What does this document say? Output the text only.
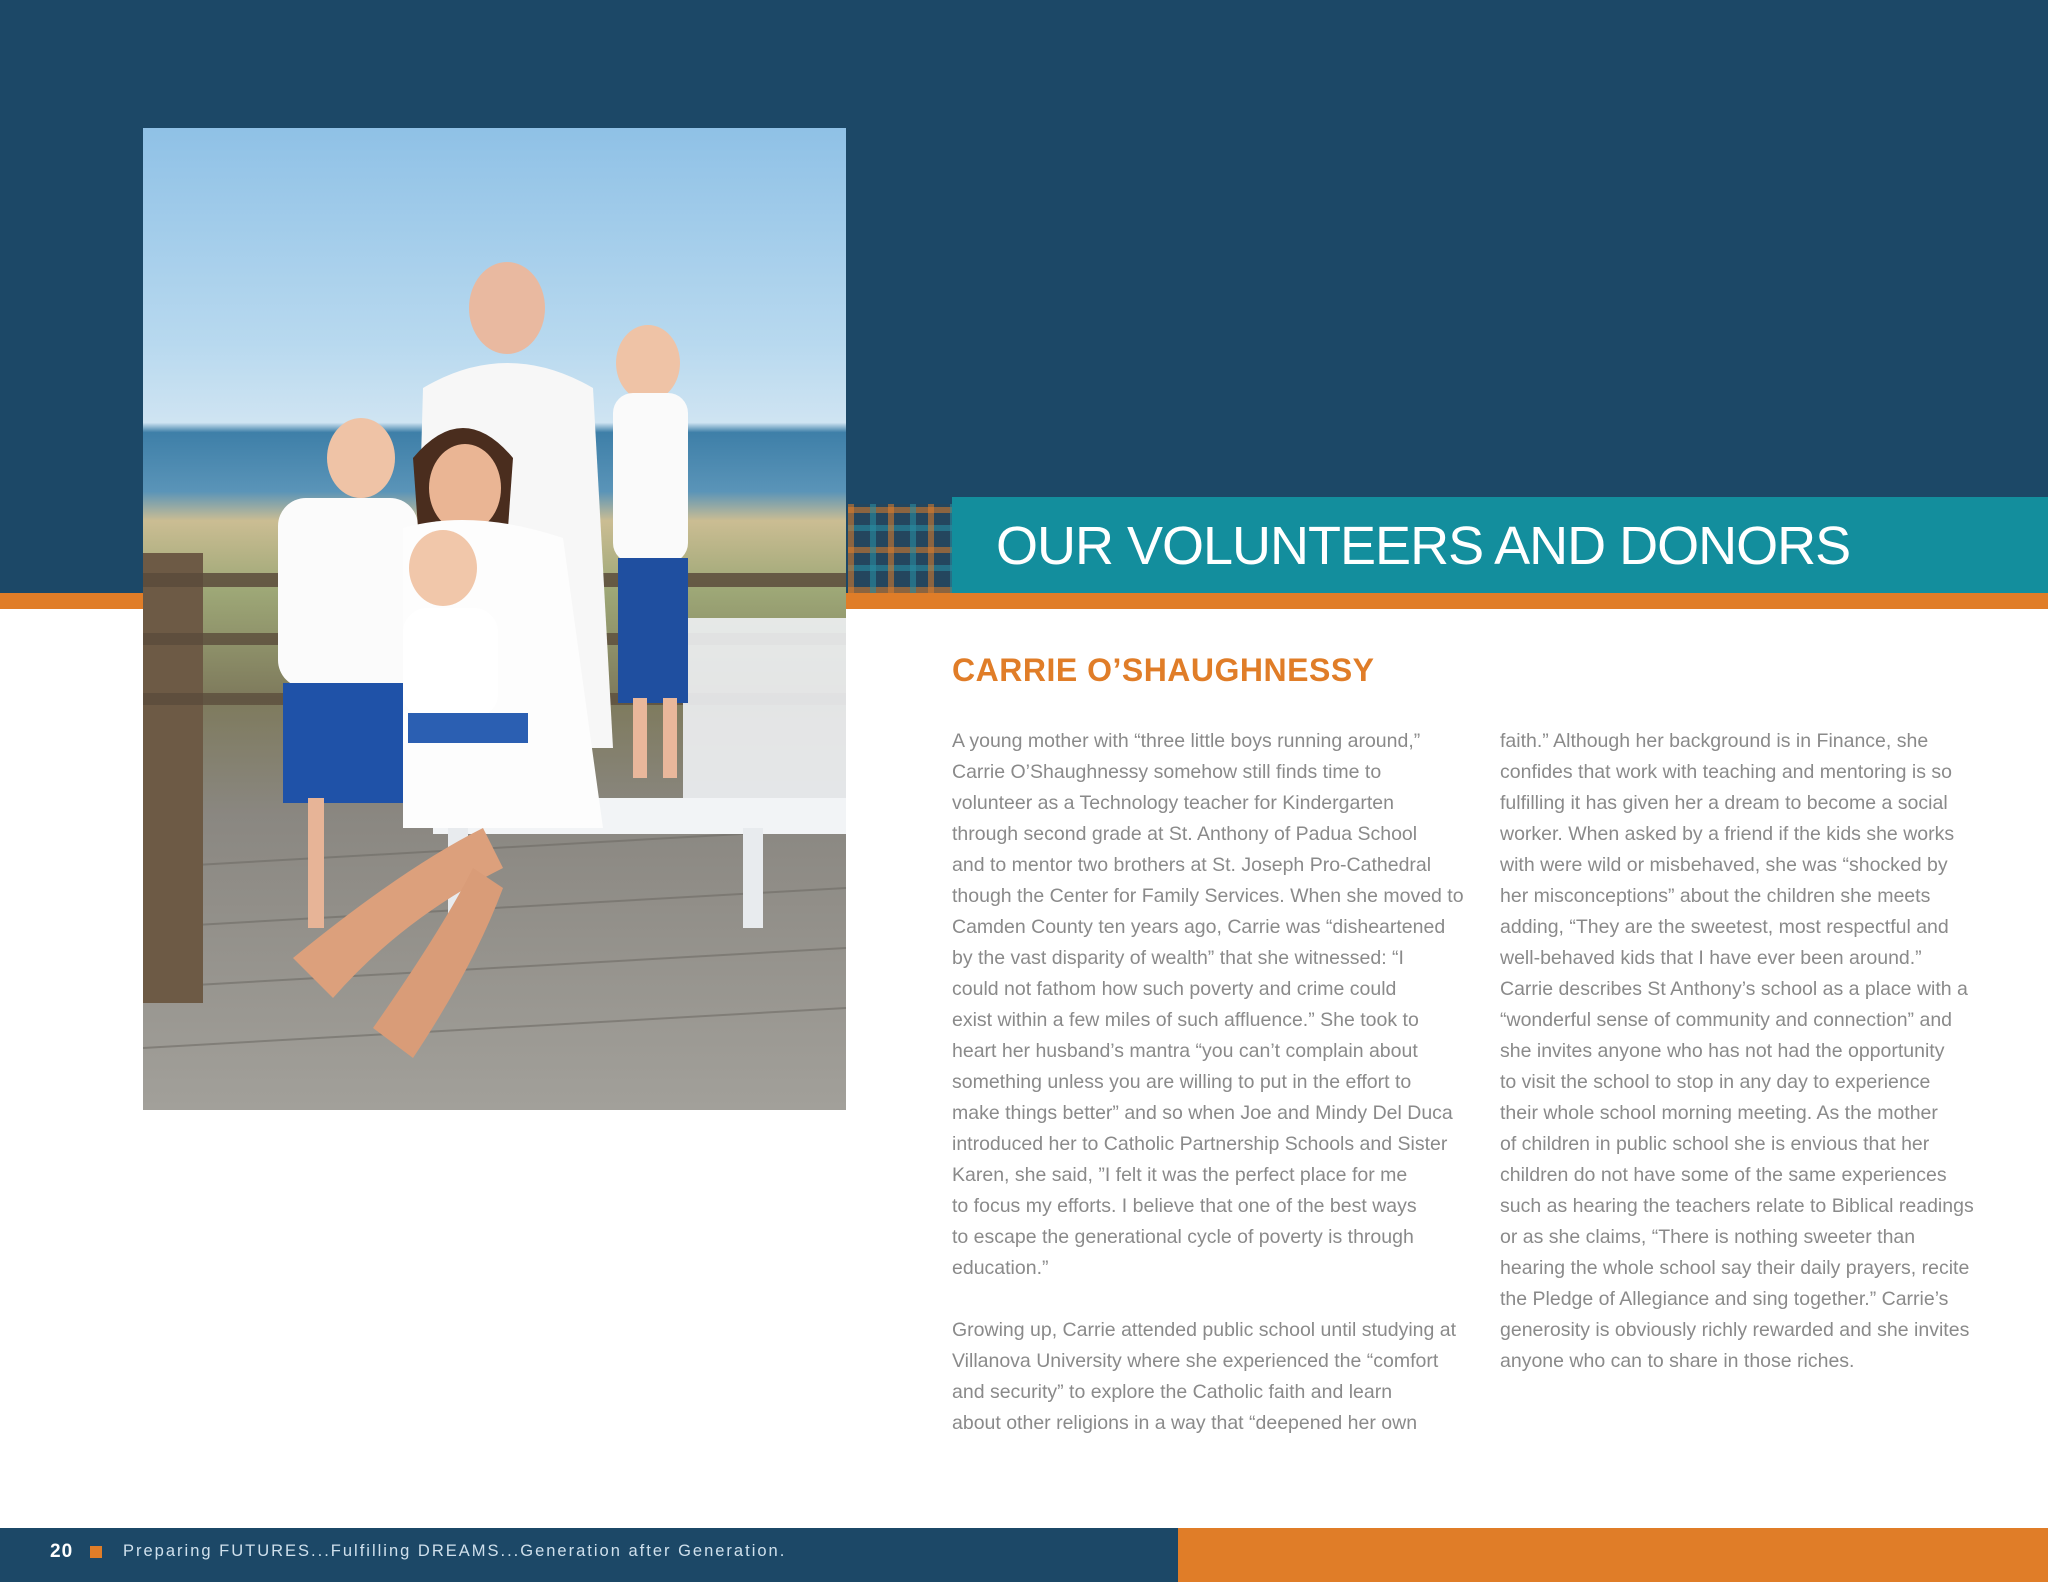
OUR VOLUNTEERS AND DONORS
CARRIE O’SHAUGHNESSY
A young mother with “three little boys running around,”
Carrie O’Shaughnessy somehow still finds time to
volunteer as a Technology teacher for Kindergarten
through second grade at St. Anthony of Padua School
and to mentor two brothers at St. Joseph Pro-Cathedral
though the Center for Family Services. When she moved to
Camden County ten years ago, Carrie was “disheartened
by the vast disparity of wealth” that she witnessed: “I
could not fathom how such poverty and crime could
exist within a few miles of such affluence.” She took to
heart her husband’s mantra “you can’t complain about
something unless you are willing to put in the effort to
make things better” and so when Joe and Mindy Del Duca
introduced her to Catholic Partnership Schools and Sister
Karen, she said, ”I felt it was the perfect place for me
to focus my efforts. I believe that one of the best ways
to escape the generational cycle of poverty is through
education.”
Growing up, Carrie attended public school until studying at
Villanova University where she experienced the “comfort
and security” to explore the Catholic faith and learn
about other religions in a way that “deepened her own
faith.” Although her background is in Finance, she
confides that work with teaching and mentoring is so
fulfilling it has given her a dream to become a social
worker. When asked by a friend if the kids she works
with were wild or misbehaved, she was “shocked by
her misconceptions” about the children she meets
adding, “They are the sweetest, most respectful and
well-behaved kids that I have ever been around.”
Carrie describes St Anthony’s school as a place with a
“wonderful sense of community and connection” and
she invites anyone who has not had the opportunity
to visit the school to stop in any day to experience
their whole school morning meeting. As the mother
of children in public school she is envious that her
children do not have some of the same experiences
such as hearing the teachers relate to Biblical readings
or as she claims, “There is nothing sweeter than
hearing the whole school say their daily prayers, recite
the Pledge of Allegiance and sing together.” Carrie’s
generosity is obviously richly rewarded and she invites
anyone who can to share in those riches.
20	Preparing FUTURES...Fulfilling DREAMS...Generation after Generation.
